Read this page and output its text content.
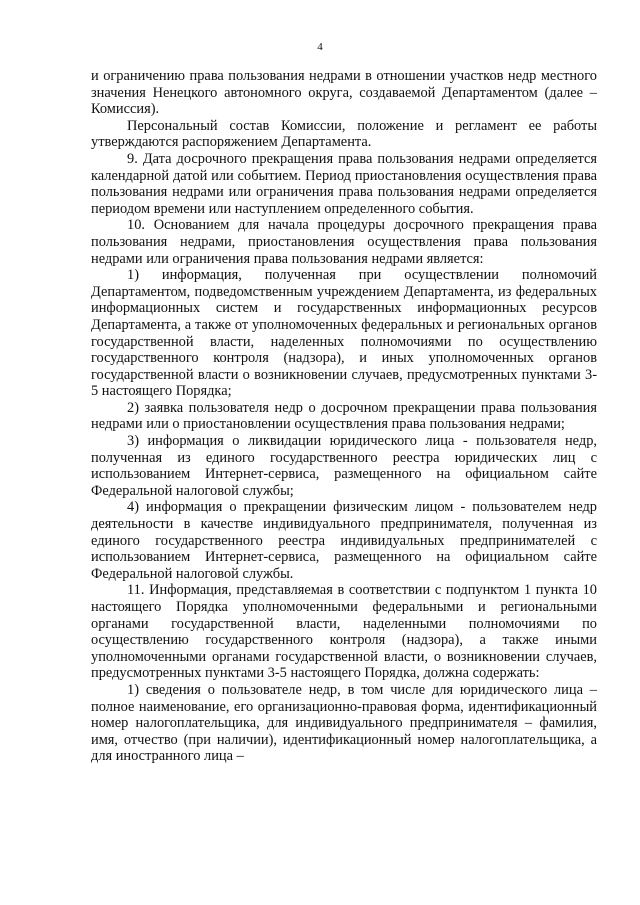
4

и ограничению права пользования недрами в отношении участков недр местного значения Ненецкого автономного округа, создаваемой Департаментом (далее – Комиссия).

Персональный состав Комиссии, положение и регламент ее работы утверждаются распоряжением Департамента.

9. Дата досрочного прекращения права пользования недрами определяется календарной датой или событием. Период приостановления осуществления права пользования недрами или ограничения права пользования недрами определяется периодом времени или наступлением определенного события.

10. Основанием для начала процедуры досрочного прекращения права пользования недрами, приостановления осуществления права пользования недрами или ограничения права пользования недрами является:

1) информация, полученная при осуществлении полномочий Департаментом, подведомственным учреждением Департамента, из федеральных информационных систем и государственных информационных ресурсов Департамента, а также от уполномоченных федеральных и региональных органов государственной власти, наделенных полномочиями по осуществлению государственного контроля (надзора), и иных уполномоченных органов государственной власти о возникновении случаев, предусмотренных пунктами 3-5 настоящего Порядка;

2) заявка пользователя недр о досрочном прекращении права пользования недрами или о приостановлении осуществления права пользования недрами;

3) информация о ликвидации юридического лица - пользователя недр, полученная из единого государственного реестра юридических лиц с использованием Интернет-сервиса, размещенного на официальном сайте Федеральной налоговой службы;

4) информация о прекращении физическим лицом - пользователем недр деятельности в качестве индивидуального предпринимателя, полученная из единого государственного реестра индивидуальных предпринимателей с использованием Интернет-сервиса, размещенного на официальном сайте Федеральной налоговой службы.

11. Информация, представляемая в соответствии с подпунктом 1 пункта 10 настоящего Порядка уполномоченными федеральными и региональными органами государственной власти, наделенными полномочиями по осуществлению государственного контроля (надзора), а также иными уполномоченными органами государственной власти, о возникновении случаев, предусмотренных пунктами 3-5 настоящего Порядка, должна содержать:

1) сведения о пользователе недр, в том числе для юридического лица – полное наименование, его организационно-правовая форма, идентификационный номер налогоплательщика, для индивидуального предпринимателя – фамилия, имя, отчество (при наличии), идентификационный номер налогоплательщика, а для иностранного лица –
